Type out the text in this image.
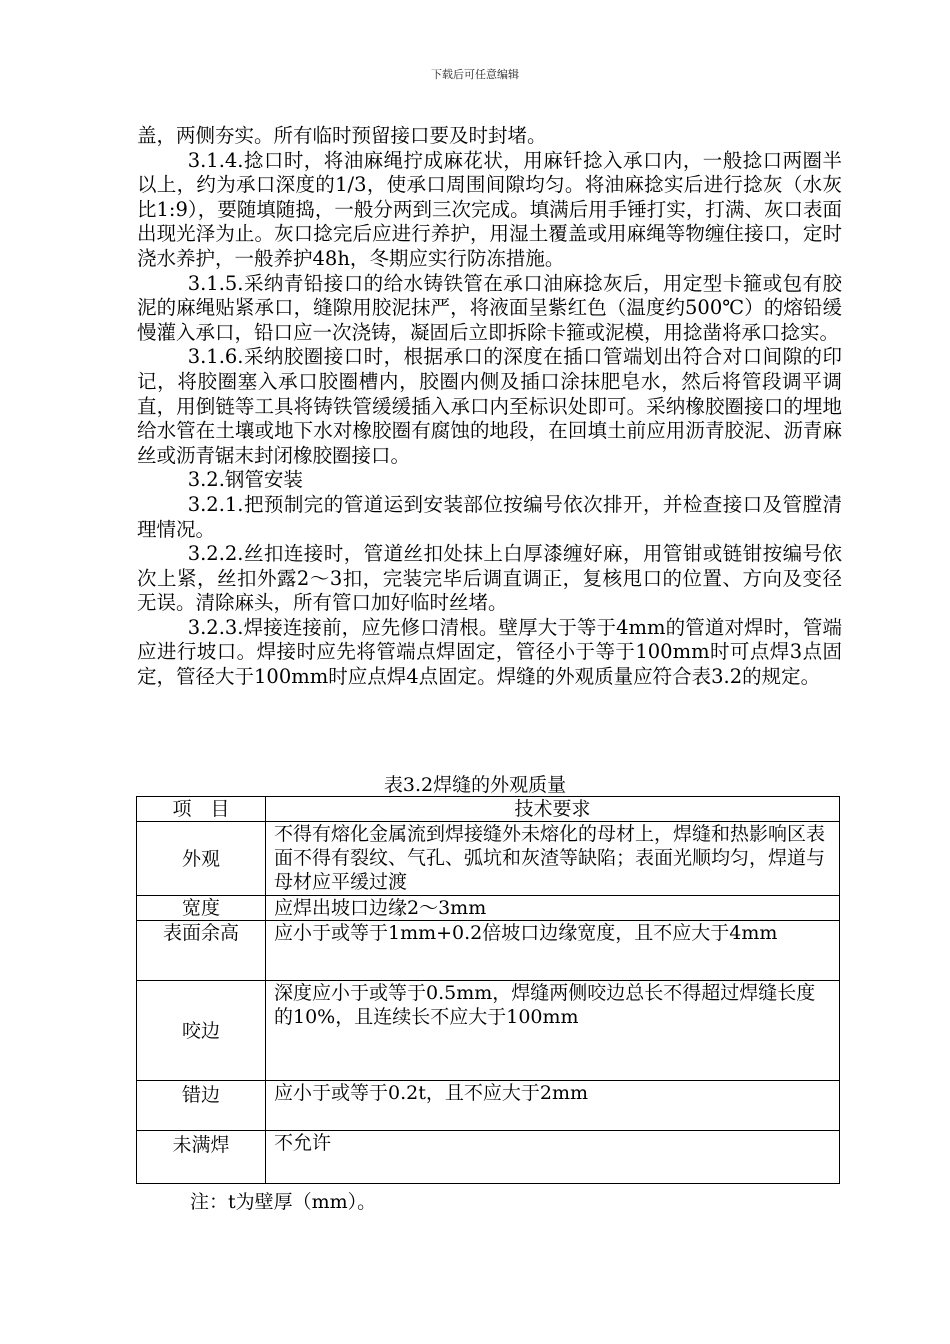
下载后可任意编辑

盖，两侧夯实。所有临时预留接口要及时封堵。

3.1.4.捻口时，将油麻绳拧成麻花状，用麻钎捻入承口内，一般捻口两圈半以上，约为承口深度的1/3，使承口周围间隙均匀。将油麻捻实后进行捻灰（水灰比1:9），要随填随捣，一般分两到三次完成。填满后用手锤打实，打满、灰口表面出现光泽为止。灰口捻完后应进行养护，用湿土覆盖或用麻绳等物缠住接口，定时浇水养护，一般养护48h，冬期应实行防冻措施。

3.1.5.采纳青铅接口的给水铸铁管在承口油麻捻灰后，用定型卡箍或包有胶泥的麻绳贴紧承口，缝隙用胶泥抹严，将液面呈紫红色（温度约500℃）的熔铅缓慢灌入承口，铅口应一次浇铸，凝固后立即拆除卡箍或泥模，用捻凿将承口捻实。

3.1.6.采纳胶圈接口时，根据承口的深度在插口管端划出符合对口间隙的印记，将胶圈塞入承口胶圈槽内，胶圈内侧及插口涂抹肥皂水，然后将管段调平调直，用倒链等工具将铸铁管缓缓插入承口内至标识处即可。采纳橡胶圈接口的埋地给水管在土壤或地下水对橡胶圈有腐蚀的地段，在回填土前应用沥青胶泥、沥青麻丝或沥青锯末封闭橡胶圈接口。

3.2.钢管安装

3.2.1.把预制完的管道运到安装部位按编号依次排开，并检查接口及管膛清理情况。

3.2.2.丝扣连接时，管道丝扣处抹上白厚漆缠好麻，用管钳或链钳按编号依次上紧，丝扣外露2～3扣，完装完毕后调直调正，复核甩口的位置、方向及变径无误。清除麻头，所有管口加好临时丝堵。

3.2.3.焊接连接前，应先修口清根。壁厚大于等于4mm的管道对焊时，管端应进行坡口。焊接时应先将管端点焊固定，管径小于等于100mm时可点焊3点固定，管径大于100mm时应点焊4点固定。焊缝的外观质量应符合表3.2的规定。

表3.2焊缝的外观质量
项　目	技术要求
外观	不得有熔化金属流到焊接缝外未熔化的母材上，焊缝和热影响区表面不得有裂纹、气孔、弧坑和灰渣等缺陷；表面光顺均匀，焊道与母材应平缓过渡
宽度	应焊出坡口边缘2～3mm
表面余高	应小于或等于1mm+0.2倍坡口边缘宽度，且不应大于4mm
咬边	深度应小于或等于0.5mm，焊缝两侧咬边总长不得超过焊缝长度的10%，且连续长不应大于100mm
错边	应小于或等于0.2t，且不应大于2mm
未满焊	不允许
注：t为壁厚（mm）。
